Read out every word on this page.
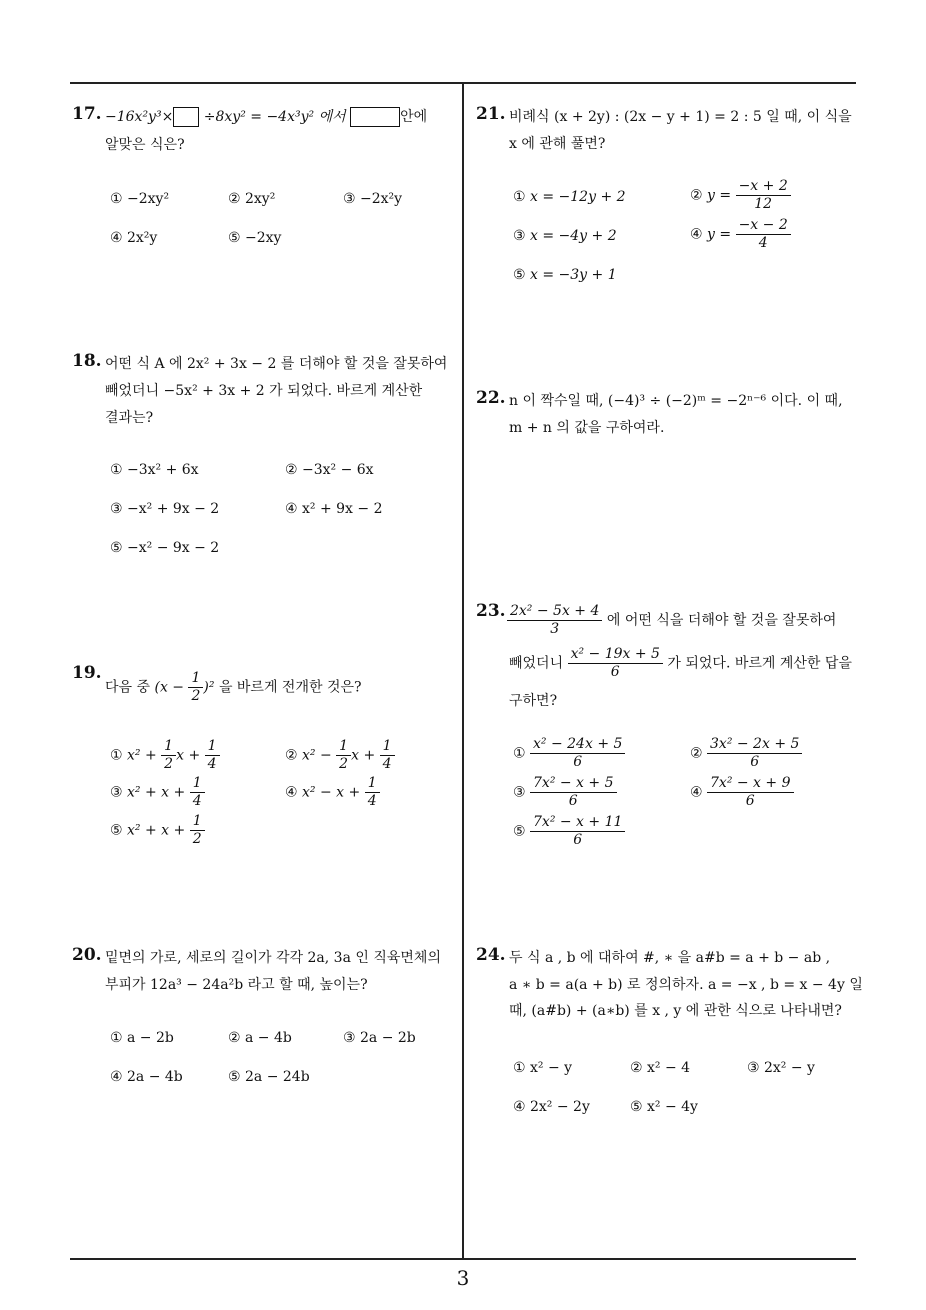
17. −16x²y³× ÷8xy² = −4x³y² 에서	안에
알맞은 식은?
① −2xy²	② 2xy²	③ −2x²y
④ 2x²y	⑤ −2xy
18. 어떤 식 A 에 2x² + 3x − 2 를 더해야 할 것을 잘못하여
빼었더니 −5x² + 3x + 2 가 되었다. 바르게 계산한
결과는?
① −3x² + 6x	② −3x² − 6x
③ −x² + 9x − 2	④ x² + 9x − 2
⑤ −x² − 9x − 2
19.
다음 중 $(x - \frac{1}{2} )^2$ 을 바르게 전개한 것은?
① $x^2 + \frac{1}{2}$ $x + \frac{1}{4}$	② $x^2 - \frac{1}{2}$ $x + \frac{1}{4}$
③ $x^2 + x + \frac{1}{4}$	④ $x^2 - x + \frac{1}{4}$
⑤ $x^2 + x + \frac{1}{2}$
20. 밑면의 가로, 세로의 길이가 각각 2a, 3a 인 직육면체의
부피가 12a³ − 24a²b 라고 할 때, 높이는?
① a − 2b	② a − 4b	③ 2a − 2b
④ 2a − 4b	⑤ 2a − 24b
21. 비례식 (x + 2y) : (2x − y + 1) = 2 : 5 일 때, 이 식을
x 에 관해 풀면?
① x = −12y + 2	② $y = \frac{-x + 2}{12}$
③ x = −4y + 2	④ $y = \frac{-x - 2}{4}$
⑤ x = −3y + 1
22. n 이 짝수일 때, (−4)³ ÷ (−2)ᵐ = −2ⁿ⁻⁶ 이다. 이 때,
m + n 의 값을 구하여라.
23. $\frac{\text{2x² − 5x + 4}}{3}$ 에 어떤 식을 더해야 할 것을 잘못하여
빼었더니 $\frac{\text{x² − 19x + 5}}{6}$ 가 되었다. 바르게 계산한 답을
구하면?
① $\frac{\text{x² − 24x + 5}}{6}$	② $\frac{\text{3x² − 2x + 5}}{6}$
③ $\frac{\text{7x² − x + 5}}{6}$	④ $\frac{\text{7x² − x + 9}}{6}$
⑤ $\frac{\text{7x² − x + 11}}{6}$
24. 두 식 a , b 에 대하여 #, ∗ 을 a#b = a + b − ab ,
a ∗ b = a(a + b) 로 정의하자. a = −x , b = x − 4y 일
때, (a#b) + (a∗b) 를 x , y 에 관한 식으로 나타내면?
① x² − y	② x² − 4	③ 2x² − y
④ 2x² − 2y	⑤ x² − 4y
3
